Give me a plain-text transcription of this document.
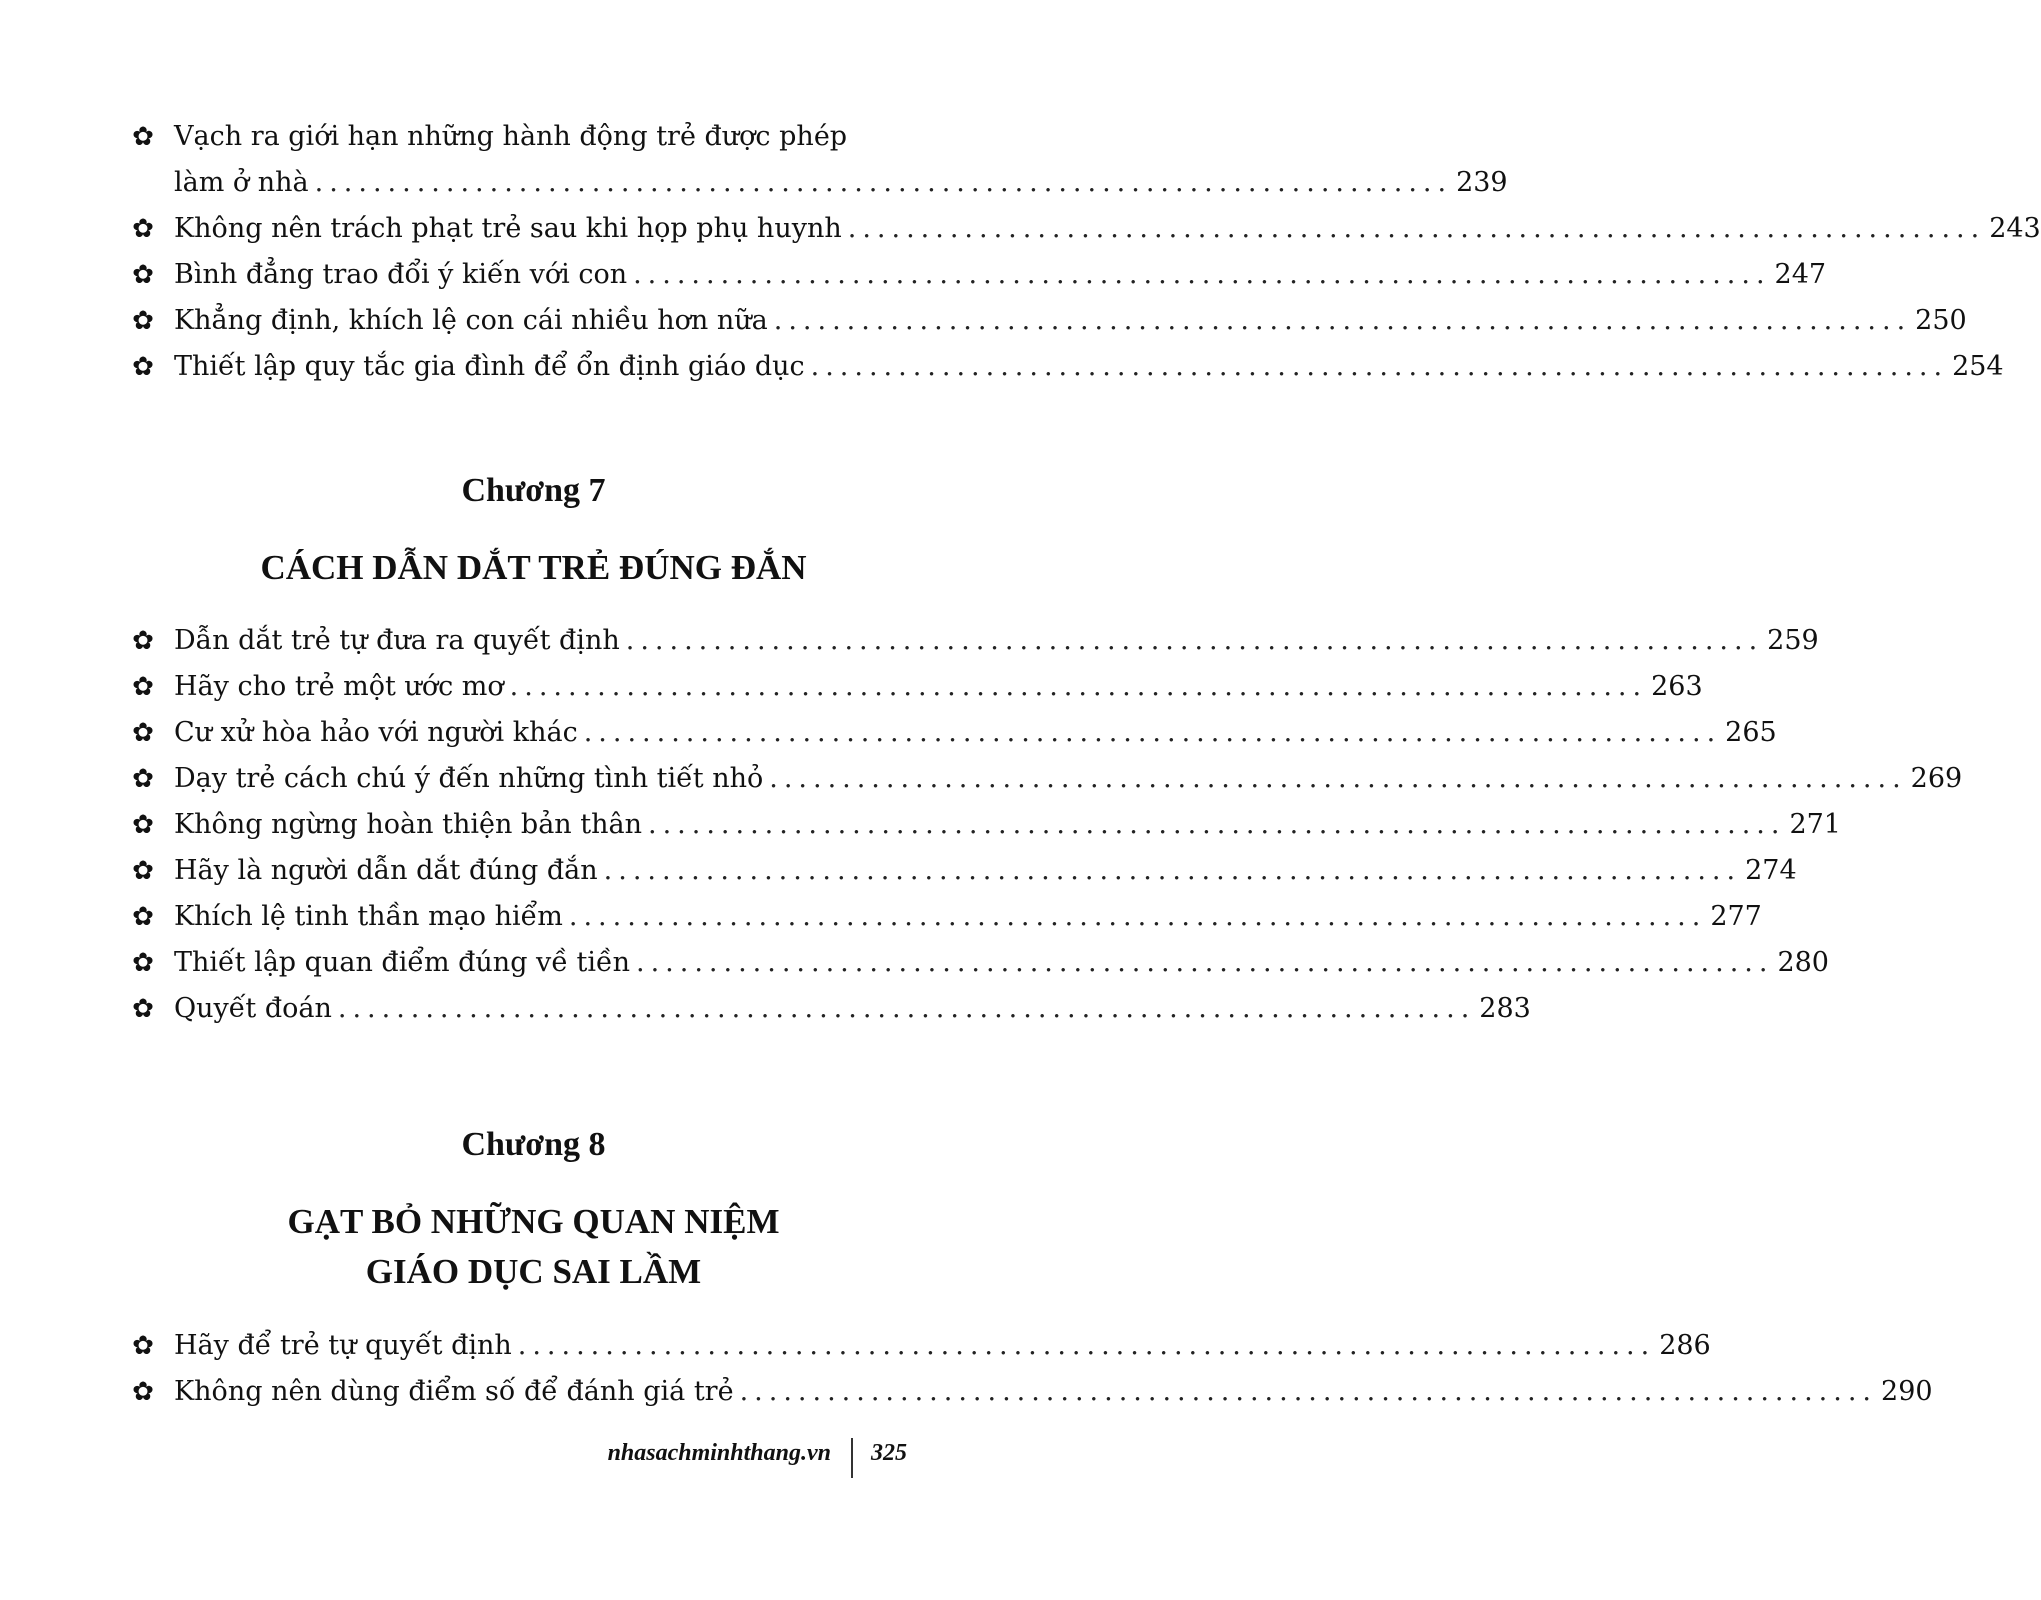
✿ Vạch ra giới hạn những hành động trẻ được phép
làm ở nhà .............................................................................. 239
✿ Không nên trách phạt trẻ sau khi họp phụ huynh .............................................................................. 243
✿ Bình đẳng trao đổi ý kiến với con .............................................................................. 247
✿ Khẳng định, khích lệ con cái nhiều hơn nữa .............................................................................. 250
✿ Thiết lập quy tắc gia đình để ổn định giáo dục .............................................................................. 254
Chương 7
CÁCH DẪN DẮT TRẺ ĐÚNG ĐẮN
✿ Dẫn dắt trẻ tự đưa ra quyết định .............................................................................. 259
✿ Hãy cho trẻ một ước mơ .............................................................................. 263
✿ Cư xử hòa hảo với người khác .............................................................................. 265
✿ Dạy trẻ cách chú ý đến những tình tiết nhỏ .............................................................................. 269
✿ Không ngừng hoàn thiện bản thân .............................................................................. 271
✿ Hãy là người dẫn dắt đúng đắn .............................................................................. 274
✿ Khích lệ tinh thần mạo hiểm .............................................................................. 277
✿ Thiết lập quan điểm đúng về tiền .............................................................................. 280
✿ Quyết đoán .............................................................................. 283
Chương 8
GẠT BỎ NHỮNG QUAN NIỆM
GIÁO DỤC SAI LẦM
✿ Hãy để trẻ tự quyết định .............................................................................. 286
✿ Không nên dùng điểm số để đánh giá trẻ .............................................................................. 290
nhasachminhthang.vn 325
